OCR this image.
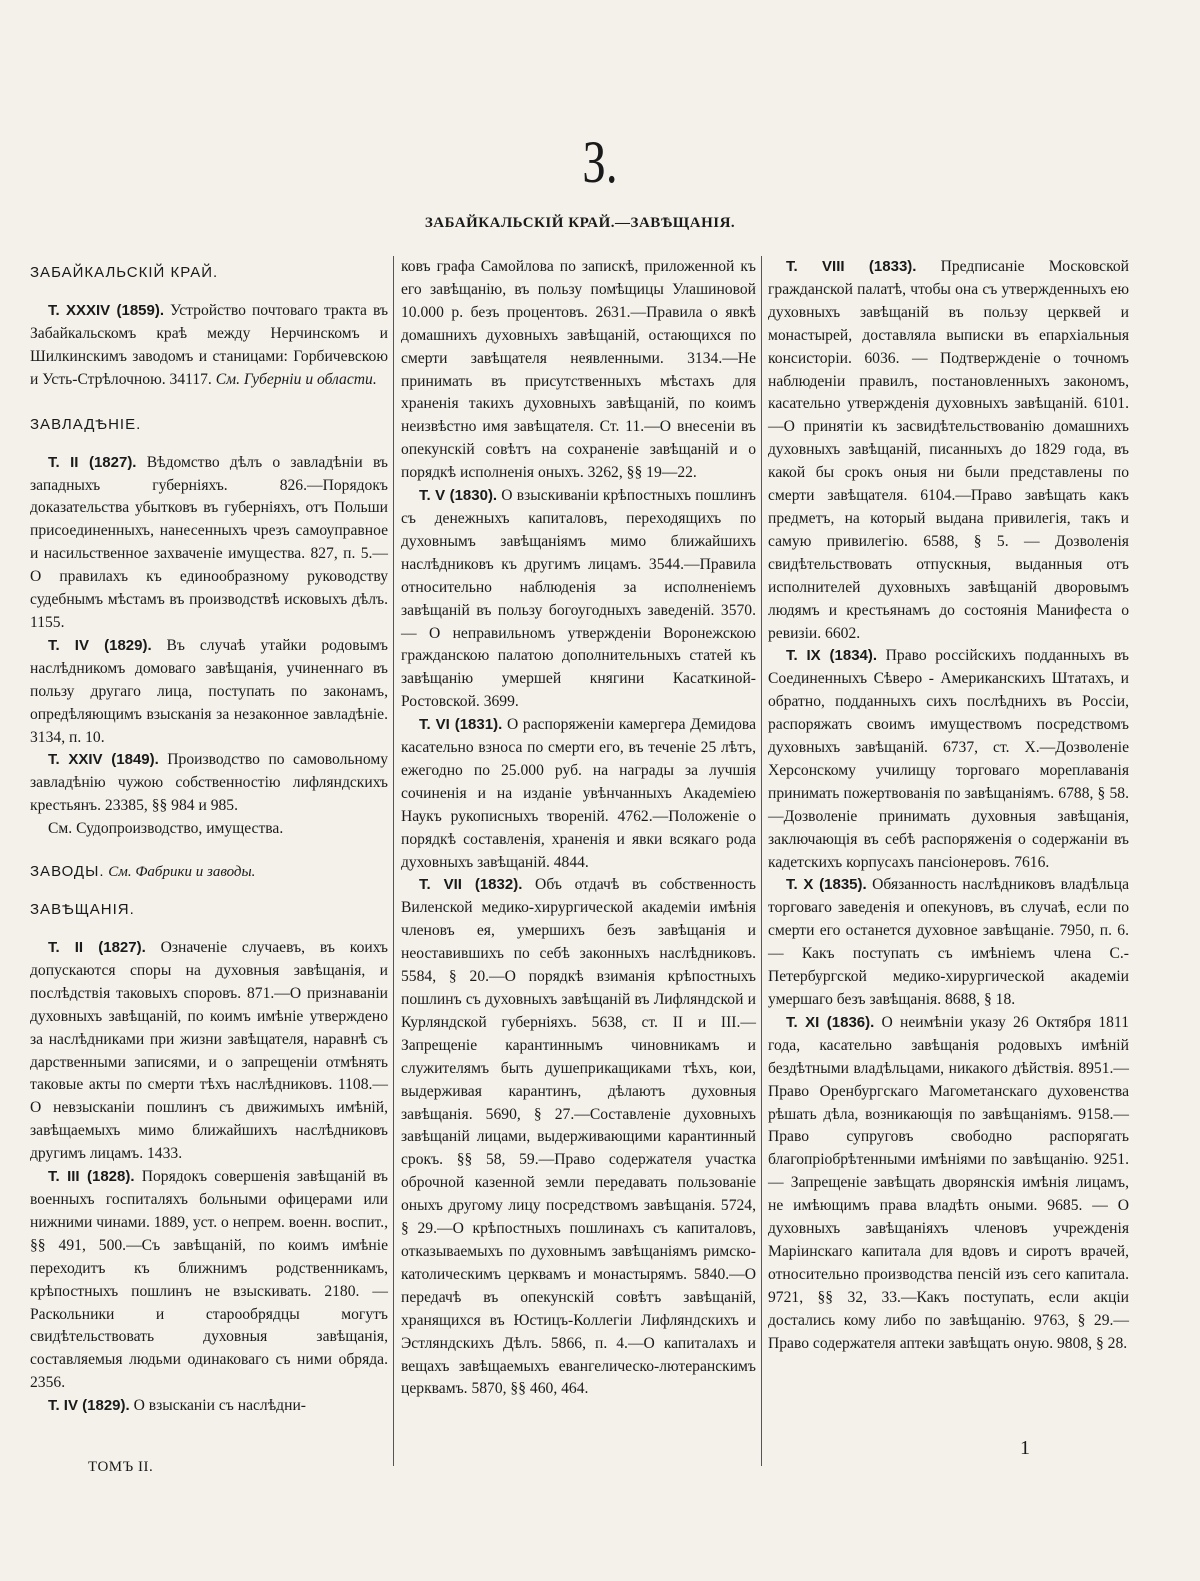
З.
ЗАБАЙКАЛЬСКІЙ КРАЙ.—ЗАВѢЩАНІЯ.
ЗАБАЙКАЛЬСКІЙ КРАЙ.

Т. XXXIV (1859). Устройство почтоваго тракта въ Забайкальскомъ краѣ между Нерчинскомъ и Шилкинскимъ заводомъ и станицами: Горбичевскою и Усть-Стрѣлочною. 34117. См. Губерніи и области.

ЗАВЛАДѢНІЕ.

Т. II (1827). Вѣдомство дѣлъ о завладѣніи въ западныхъ губерніяхъ. 826.—Порядокъ доказательства убытковъ въ губерніяхъ, отъ Польши присоединенныхъ, нанесенныхъ чрезъ самоуправное и насильственное захваченіе имущества. 827, п. 5.—О правилахъ къ единообразному руководству судебнымъ мѣстамъ въ производствѣ исковыхъ дѣлъ. 1155.

Т. IV (1829). Въ случаѣ утайки родовымъ наслѣдникомъ домоваго завѣщанія, учиненнаго въ пользу другаго лица, поступать по законамъ, опредѣляющимъ взысканія за незаконное завладѣніе. 3134, п. 10.

Т. XXIV (1849). Производство по самовольному завладѣнію чужою собственностію лифляндскихъ крестьянъ. 23385, §§ 984 и 985.

См. Судопроизводство, имущества.

ЗАВОДЫ. См. Фабрики и заводы.
ЗАВѢЩАНІЯ.

Т. II (1827). Означеніе случаевъ, въ коихъ допускаются споры на духовныя завѣщанія, и послѣдствія таковыхъ споровъ. 871.—О признаваніи духовныхъ завѣщаній, по коимъ имѣніе утверждено за наслѣдниками при жизни завѣщателя, наравнѣ съ дарственными записями, и о запрещеніи отмѣнять таковые акты по смерти тѣхъ наслѣдниковъ. 1108.—О невзысканіи пошлинъ съ движимыхъ имѣній, завѣщаемыхъ мимо ближайшихъ наслѣдниковъ другимъ лицамъ. 1433.

Т. III (1828). Порядокъ совершенія завѣщаній въ военныхъ госпиталяхъ больными офицерами или нижними чинами. 1889, уст. о непрем. военн. воспит., §§ 491, 500.—Съ завѣщаній, по коимъ имѣніе переходитъ къ ближнимъ родственникамъ, крѣпостныхъ пошлинъ не взыскивать. 2180. — Раскольники и старообрядцы могутъ свидѣтельствовать духовныя завѣщанія, составляемыя людьми одинаковаго съ ними обряда. 2356.

Т. IV (1829). О взысканіи съ наслѣдни-

ковъ графа Самойлова по запискѣ, приложенной къ его завѣщанію, въ пользу помѣщицы Улашиновой 10.000 р. безъ процентовъ. 2631.—Правила о явкѣ домашнихъ духовныхъ завѣщаній, остающихся по смерти завѣщателя неявленными. 3134.—Не принимать въ присутственныхъ мѣстахъ для храненія такихъ духовныхъ завѣщаній, по коимъ неизвѣстно имя завѣщателя. Ст. 11.—О внесеніи въ опекунскій совѣтъ на сохраненіе завѣщаній и о порядкѣ исполненія оныхъ. 3262, §§ 19—22.

Т. V (1830). О взыскиваніи крѣпостныхъ пошлинъ съ денежныхъ капиталовъ, переходящихъ по духовнымъ завѣщаніямъ мимо ближайшихъ наслѣдниковъ къ другимъ лицамъ. 3544.—Правила относительно наблюденія за исполненіемъ завѣщаній въ пользу богоугодныхъ заведеній. 3570. — О неправильномъ утвержденіи Воронежскою гражданскою палатою дополнительныхъ статей къ завѣщанію умершей княгини Касаткиной-Ростовской. 3699.

Т. VI (1831). О распоряженіи камергера Демидова касательно взноса по смерти его, въ теченіе 25 лѣтъ, ежегодно по 25.000 руб. на награды за лучшія сочиненія и на изданіе увѣнчанныхъ Академіею Наукъ рукописныхъ твореній. 4762.—Положеніе о порядкѣ составленія, храненія и явки всякаго рода духовныхъ завѣщаній. 4844.

Т. VII (1832). Объ отдачѣ въ собственность Виленской медико-хирургической академіи имѣнія членовъ ея, умершихъ безъ завѣщанія и неоставившихъ по себѣ законныхъ наслѣдниковъ. 5584, § 20.—О порядкѣ взиманія крѣпостныхъ пошлинъ съ духовныхъ завѣщаній въ Лифляндской и Курляндской губерніяхъ. 5638, ст. II и III.—Запрещеніе карантиннымъ чиновникамъ и служителямъ быть душеприкащиками тѣхъ, кои, выдерживая карантинъ, дѣлаютъ духовныя завѣщанія. 5690, § 27.—Составленіе духовныхъ завѣщаній лицами, выдерживающими карантинный срокъ. §§ 58, 59.—Право содержателя участка оброчной казенной земли передавать пользованіе оныхъ другому лицу посредствомъ завѣщанія. 5724, § 29.—О крѣпостныхъ пошлинахъ съ капиталовъ, отказываемыхъ по духовнымъ завѣщаніямъ римско-католическимъ церквамъ и монастырямъ. 5840.—О передачѣ въ опекунскій совѣтъ завѣщаній, хранящихся въ Юстицъ-Коллегіи Лифляндскихъ и Эстляндскихъ Дѣлъ. 5866, п. 4.—О капиталахъ и вещахъ завѣщаемыхъ евангелическо-лютеранскимъ церквамъ. 5870, §§ 460, 464.

Т. VIII (1833). Предписаніе Московской гражданской палатѣ, чтобы она съ утвержденныхъ ею духовныхъ завѣщаній въ пользу церквей и монастырей, доставляла выписки въ епархіальныя консисторіи. 6036. — Подтвержденіе о точномъ наблюденіи правилъ, постановленныхъ закономъ, касательно утвержденія духовныхъ завѣщаній. 6101.—О принятіи къ засвидѣтельствованію домашнихъ духовныхъ завѣщаній, писанныхъ до 1829 года, въ какой бы срокъ оныя ни были представлены по смерти завѣщателя. 6104.—Право завѣщать какъ предметъ, на который выдана привилегія, такъ и самую привилегію. 6588, § 5. — Дозволенія свидѣтельствовать отпускныя, выданныя отъ исполнителей духовныхъ завѣщаній дворовымъ людямъ и крестьянамъ до состоянія Манифеста о ревизіи. 6602.

Т. IX (1834). Право россійскихъ подданныхъ въ Соединенныхъ Сѣверо - Американскихъ Штатахъ, и обратно, подданныхъ сихъ послѣднихъ въ Россіи, распоряжать своимъ имуществомъ посредствомъ духовныхъ завѣщаній. 6737, ст. X.—Дозволеніе Херсонскому училищу торговаго мореплаванія принимать пожертвованія по завѣщаніямъ. 6788, § 58.—Дозволеніе принимать духовныя завѣщанія, заключающія въ себѣ распоряженія о содержаніи въ кадетскихъ корпусахъ пансіонеровъ. 7616.

Т. X (1835). Обязанность наслѣдниковъ владѣльца торговаго заведенія и опекуновъ, въ случаѣ, если по смерти его останется духовное завѣщаніе. 7950, п. 6. — Какъ поступать съ имѣніемъ члена С.-Петербургской медико-хирургической академіи умершаго безъ завѣщанія. 8688, § 18.

Т. XI (1836). О неимѣніи указу 26 Октября 1811 года, касательно завѣщанія родовыхъ имѣній бездѣтными владѣльцами, никакого дѣйствія. 8951.—Право Оренбургскаго Магометанскаго духовенства рѣшать дѣла, возникающія по завѣщаніямъ. 9158.—Право супруговъ свободно распорягать благопріобрѣтенными имѣніями по завѣщанію. 9251. — Запрещеніе завѣщать дворянскія имѣнія лицамъ, не имѣющимъ права владѣть оными. 9685. — О духовныхъ завѣщаніяхъ членовъ учрежденія Маріинскаго капитала для вдовъ и сиротъ врачей, относительно производства пенсій изъ сего капитала. 9721, §§ 32, 33.—Какъ поступать, если акціи достались кому либо по завѣщанію. 9763, § 29.—Право содержателя аптеки завѣщать оную. 9808, § 28.

ТОМЪ II.
1
